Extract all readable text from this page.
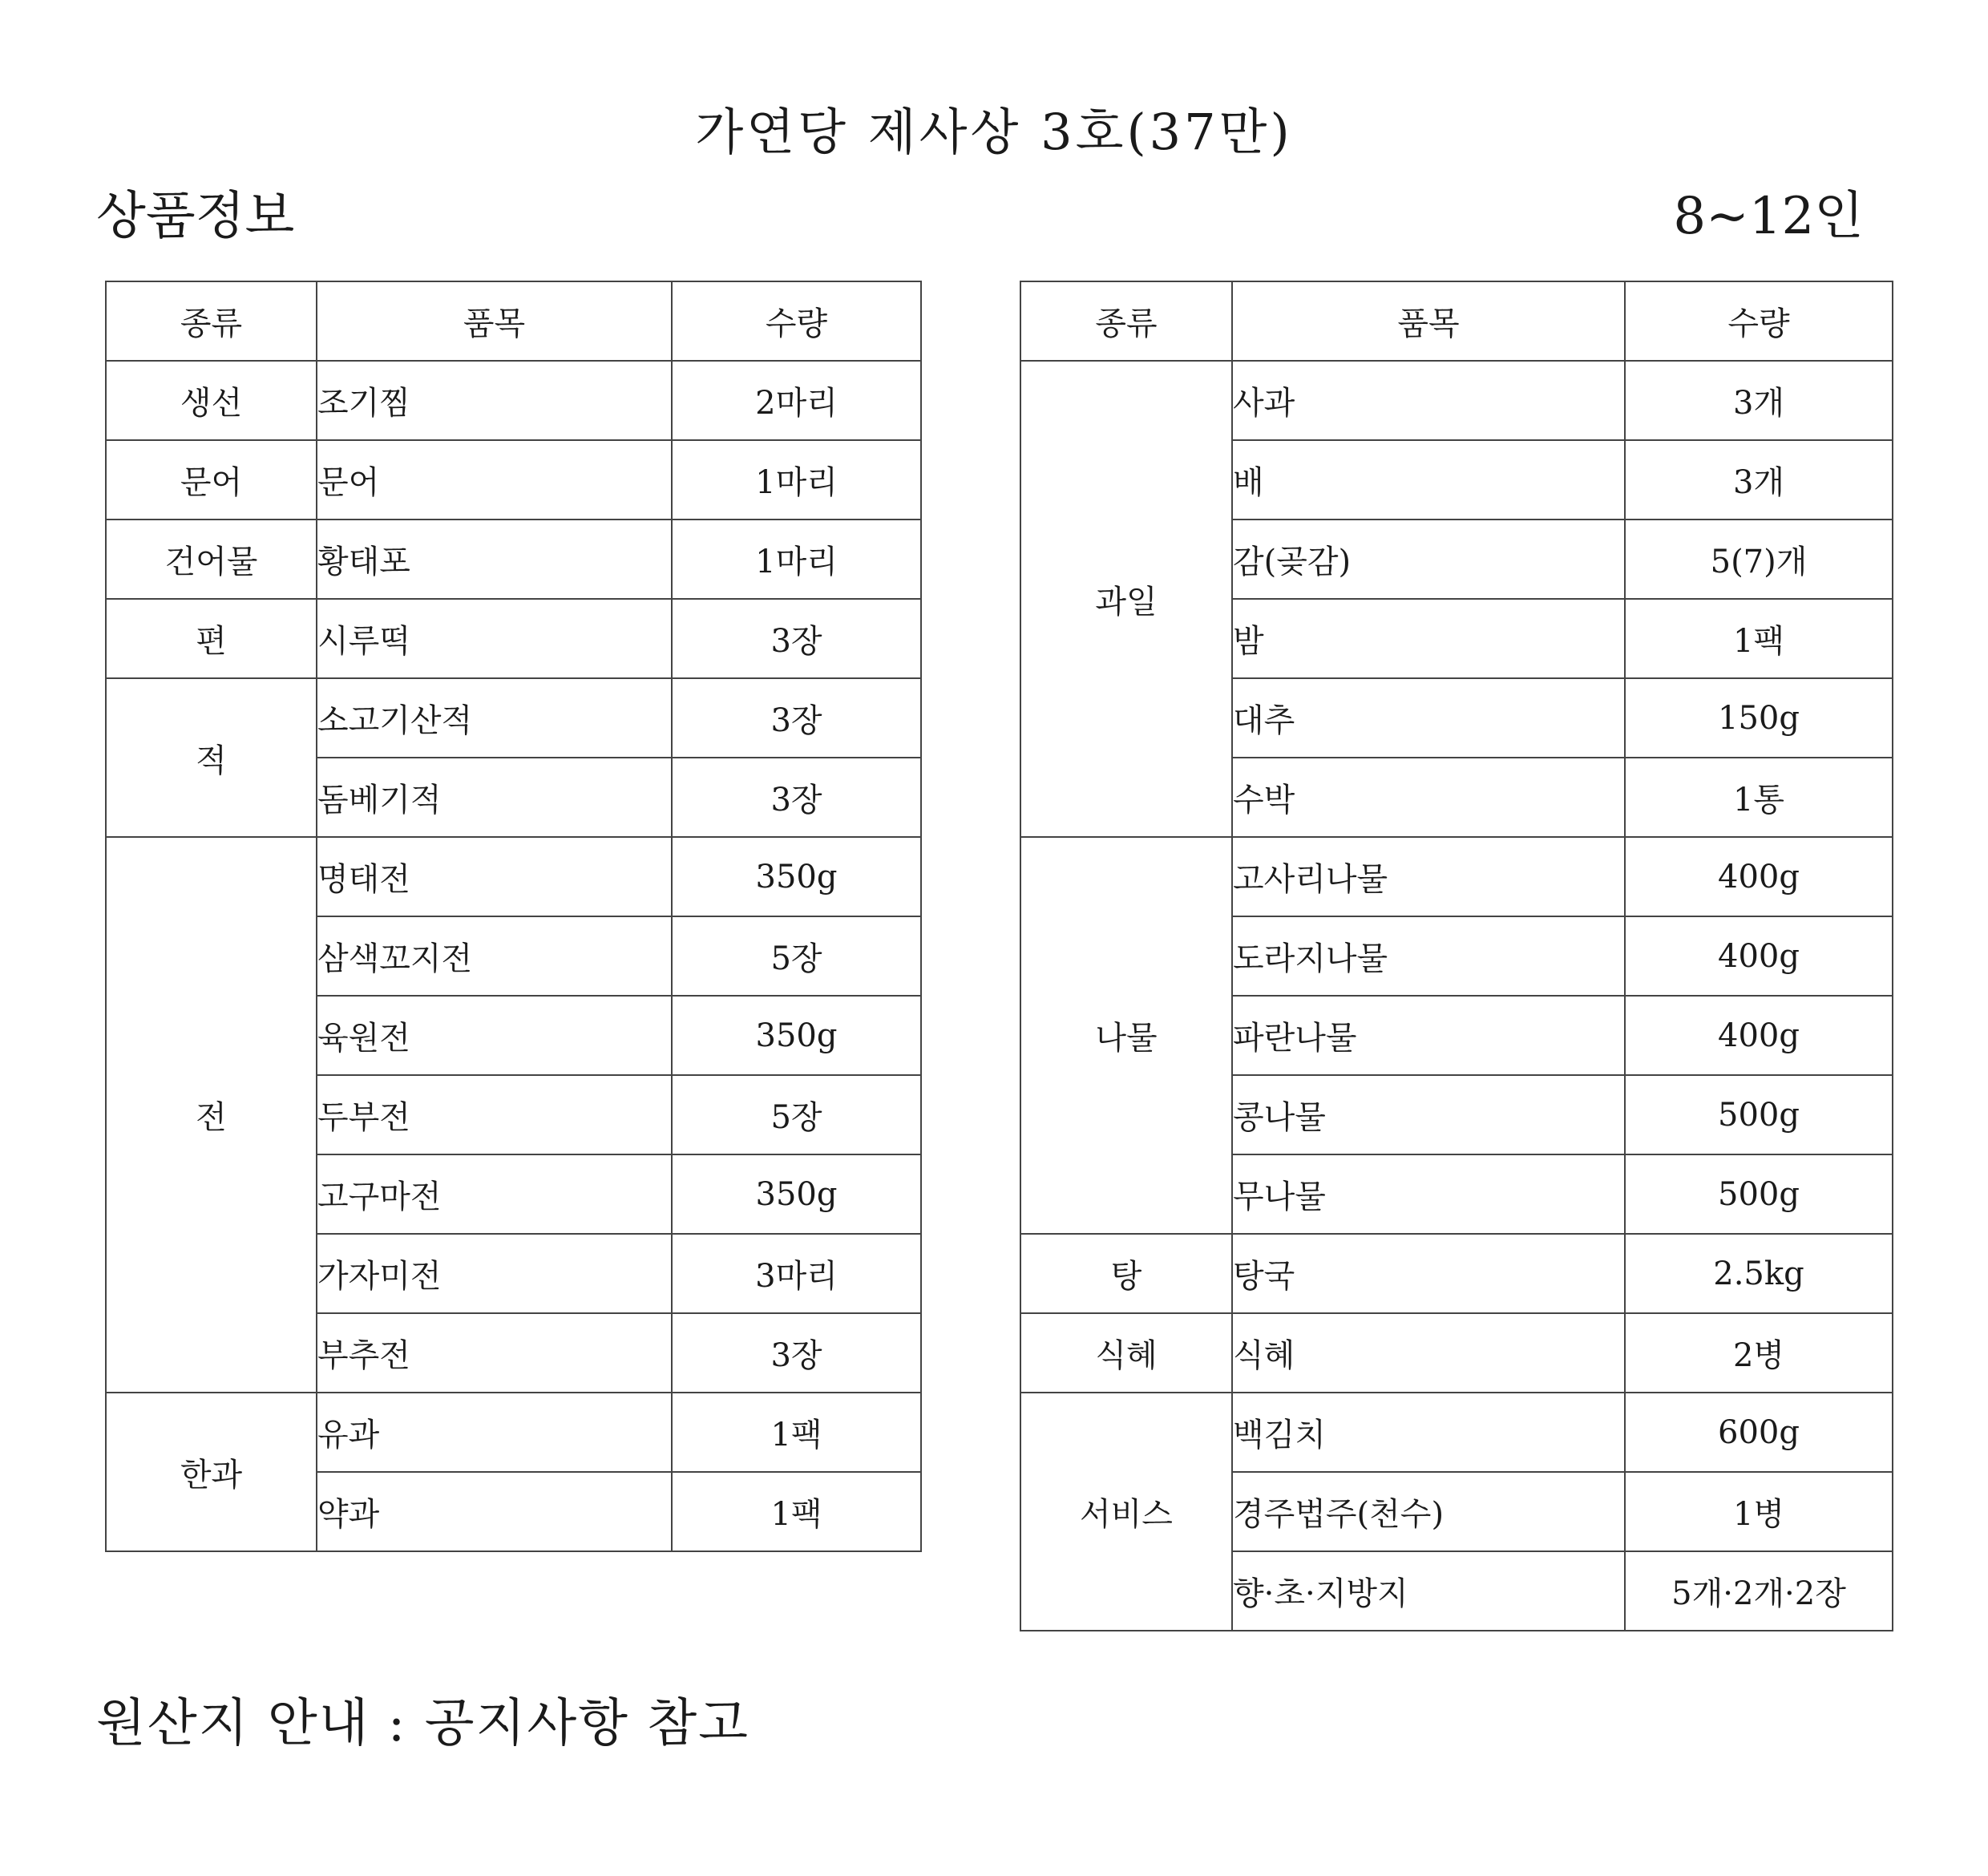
가연당 제사상 3호(37만)
상품정보	8~12인
종류	품목	수량
생선	조기찜	2마리
문어	문어	1마리
건어물	황태포	1마리
편	시루떡	3장
적	소고기산적	3장
	돔베기적	3장
전	명태전	350g
	삼색꼬지전	5장
	육원전	350g
	두부전	5장
	고구마전	350g
	가자미전	3마리
	부추전	3장
한과	유과	1팩
	약과	1팩
종류	품목	수량
과일	사과	3개
	배	3개
	감(곶감)	5(7)개
	밤	1팩
	대추	150g
	수박	1통
나물	고사리나물	400g
	도라지나물	400g
	파란나물	400g
	콩나물	500g
	무나물	500g
탕	탕국	2.5kg
식혜	식혜	2병
서비스	백김치	600g
	경주법주(천수)	1병
	향·초·지방지	5개·2개·2장
원산지 안내 : 공지사항 참고
